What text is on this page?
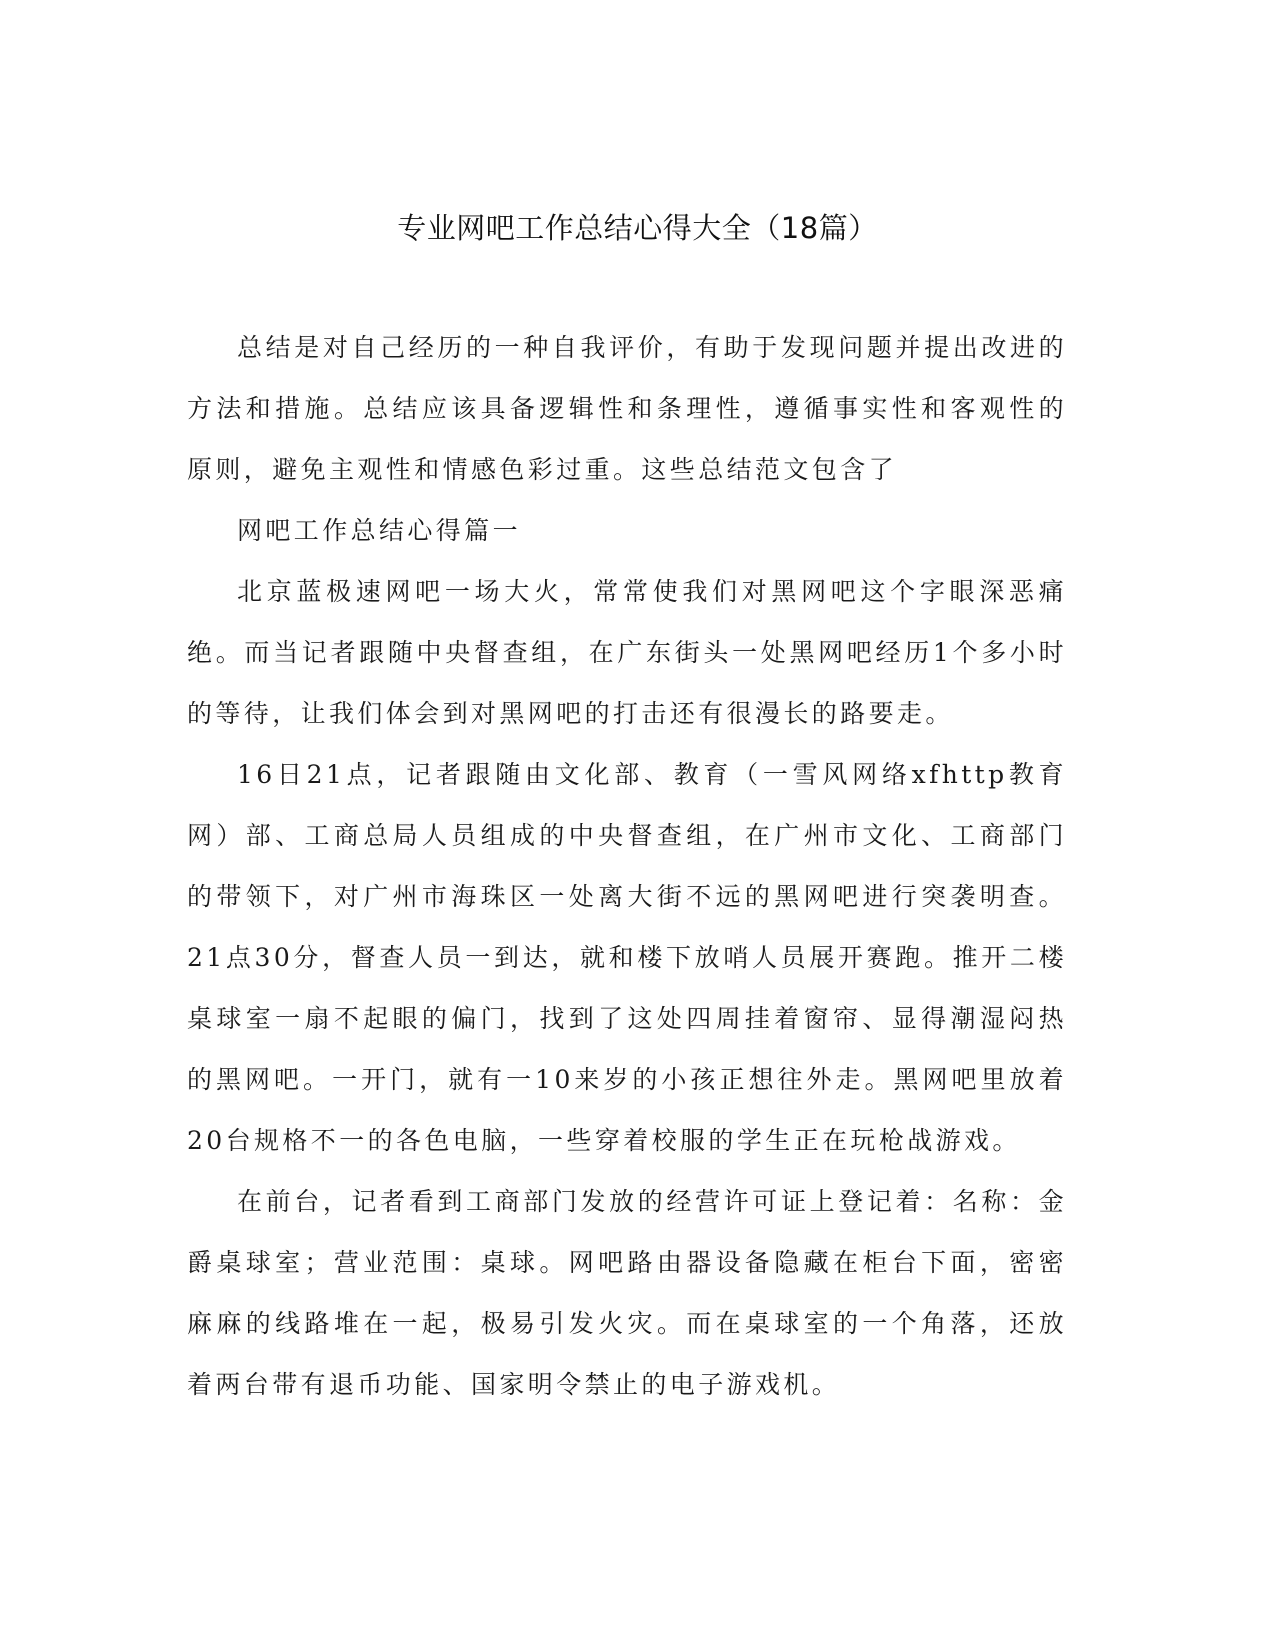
专业网吧工作总结心得大全（18篇）

总结是对自己经历的一种自我评价，有助于发现问题并提出改进的方法和措施。总结应该具备逻辑性和条理性，遵循事实性和客观性的原则，避免主观性和情感色彩过重。这些总结范文包含了

网吧工作总结心得篇一

北京蓝极速网吧一场大火，常常使我们对黑网吧这个字眼深恶痛绝。而当记者跟随中央督查组，在广东街头一处黑网吧经历1个多小时的等待，让我们体会到对黑网吧的打击还有很漫长的路要走。

16日21点，记者跟随由文化部、教育（一雪风网络xfhttp教育网）部、工商总局人员组成的中央督查组，在广州市文化、工商部门的带领下，对广州市海珠区一处离大街不远的黑网吧进行突袭明查。21点30分，督查人员一到达，就和楼下放哨人员展开赛跑。推开二楼桌球室一扇不起眼的偏门，找到了这处四周挂着窗帘、显得潮湿闷热的黑网吧。一开门，就有一10来岁的小孩正想往外走。黑网吧里放着20台规格不一的各色电脑，一些穿着校服的学生正在玩枪战游戏。

在前台，记者看到工商部门发放的经营许可证上登记着：名称：金爵桌球室；营业范围：桌球。网吧路由器设备隐藏在柜台下面，密密麻麻的线路堆在一起，极易引发火灾。而在桌球室的一个角落，还放着两台带有退币功能、国家明令禁止的电子游戏机。
